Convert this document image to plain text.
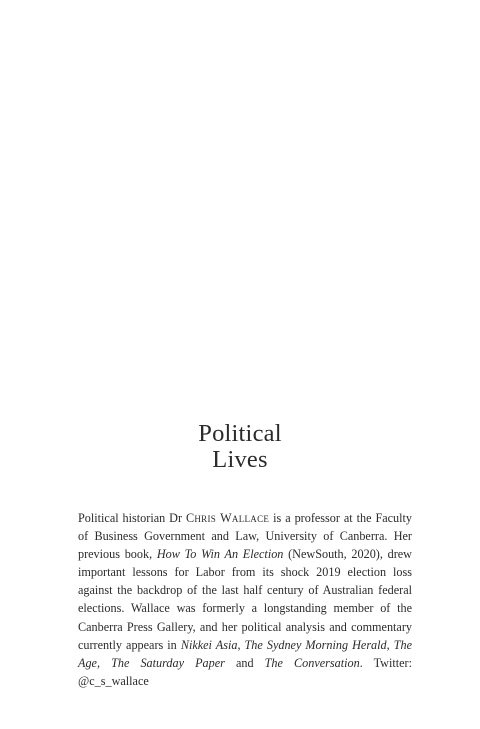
Political
Lives

Political historian Dr Chris Wallace is a professor at the Faculty of Business Government and Law, University of Canberra. Her previous book, How To Win An Election (NewSouth, 2020), drew important lessons for Labor from its shock 2019 election loss against the backdrop of the last half century of Australian federal elections. Wallace was formerly a longstanding member of the Canberra Press Gallery, and her political analysis and commentary currently appears in Nikkei Asia, The Sydney Morning Herald, The Age, The Saturday Paper and The Conversation. Twitter: @c_s_wallace
